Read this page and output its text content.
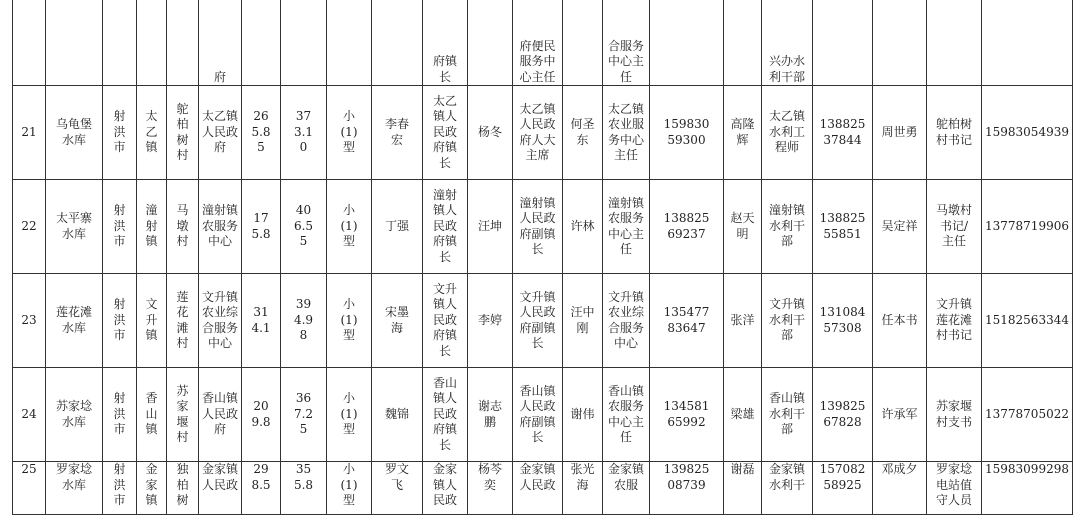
					府					府镇长		府便民服务中心主任		合服务中心主任			兴办水利干部				

21	乌龟堡水库	射洪市	太乙镇	鸵柏树村	太乙镇人民政府	265.85	373.10	小(1)型	李春宏	太乙镇人民政府镇长	杨冬	太乙镇人民政府人大主席	何圣东	太乙镇农业服务中心主任	15983059300	高隆辉	太乙镇水利工程师	13882537844	周世勇	鸵柏树村书记	15983054939

22	太平寨水库	射洪市	潼射镇	马墩村	潼射镇农服务中心	175.8	406.55	小(1)型	丁强	潼射镇人民政府镇长	汪坤	潼射镇人民政府副镇长	许林	潼射镇农服务中心主任	13882569237	赵天明	潼射镇水利干部	13882555851	吴定祥	马墩村书记/主任	13778719906

23	莲花滩水库	射洪市	文升镇	莲花滩村	文升镇农业综合服务中心	314.1	394.98	小(1)型	宋墨海	文升镇人民政府镇长	李婷	文升镇人民政府副镇长	汪中刚	文升镇农业综合服务中心	13547783647	张洋	文升镇水利干部	13108457308	任本书	文升镇莲花滩村书记	15182563344

24	苏家埝水库	射洪市	香山镇	苏家堰村	香山镇人民政府	209.8	367.25	小(1)型	魏锦	香山镇人民政府镇长	谢志鹏	香山镇人民政府副镇长	谢伟	香山镇农服务中心主任	13458165992	梁雄	香山镇水利干部	13982567828	许承军	苏家堰村支书	13778705022

25	罗家埝水库	射洪市	金家镇	独柏树	金家镇人民政	298.5	355.8	小(1)型	罗文飞	金家镇人民政	杨芩奕	金家镇人民政	张光海	金家镇农服	13982508739	谢磊	金家镇水利干	15708258925	邓成夕	罗家埝电站值守人员	15983099298
